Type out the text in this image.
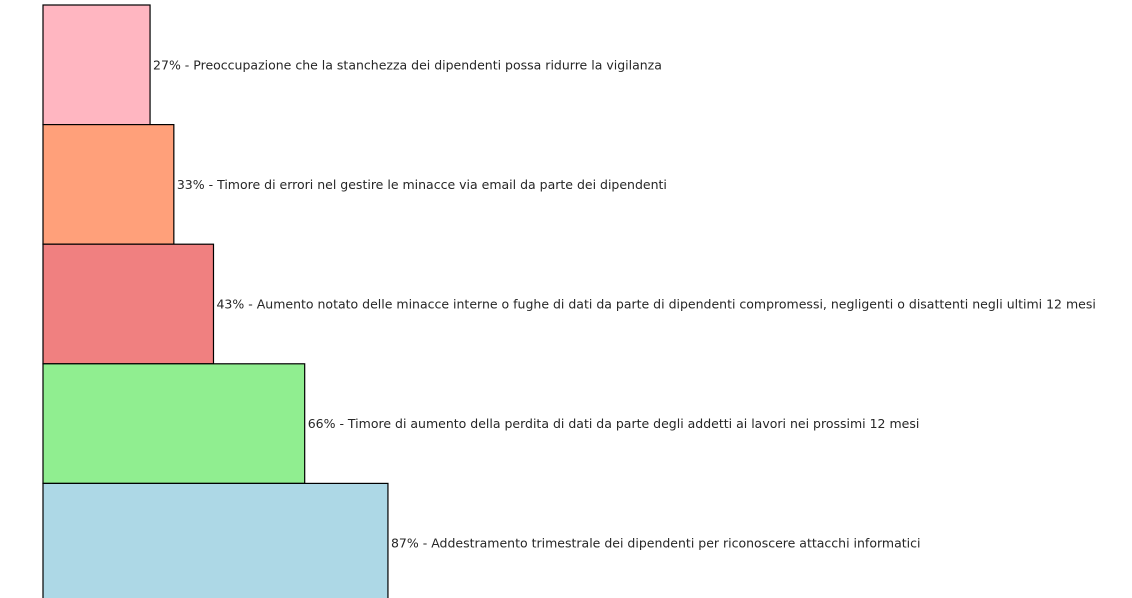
27% - Preoccupazione che la stanchezza dei dipendenti possa ridurre la vigilanza
33% - Timore di errori nel gestire le minacce via email da parte dei dipendenti
43% - Aumento notato delle minacce interne o fughe di dati da parte di dipendenti compromessi, negligenti o disattenti negli ultimi 12 mesi
66% - Timore di aumento della perdita di dati da parte degli addetti ai lavori nei prossimi 12 mesi
87% - Addestramento trimestrale dei dipendenti per riconoscere attacchi informatici
